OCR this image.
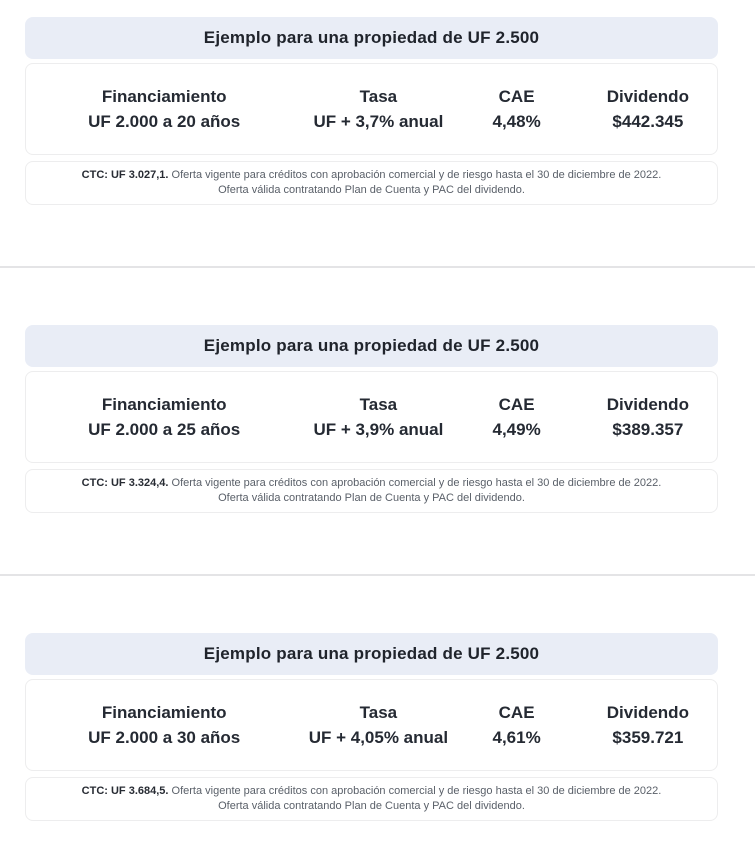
Ejemplo para una propiedad de UF 2.500
Financiamiento
UF 2.000 a 20 años
Tasa
UF + 3,7% anual
CAE
4,48%
Dividendo
$442.345

CTC: UF 3.027,1. Oferta vigente para créditos con aprobación comercial y de riesgo hasta el 30 de diciembre de 2022. Oferta válida contratando Plan de Cuenta y PAC del dividendo.

Ejemplo para una propiedad de UF 2.500
Financiamiento
UF 2.000 a 25 años
Tasa
UF + 3,9% anual
CAE
4,49%
Dividendo
$389.357

CTC: UF 3.324,4. Oferta vigente para créditos con aprobación comercial y de riesgo hasta el 30 de diciembre de 2022. Oferta válida contratando Plan de Cuenta y PAC del dividendo.

Ejemplo para una propiedad de UF 2.500
Financiamiento
UF 2.000 a 30 años
Tasa
UF + 4,05% anual
CAE
4,61%
Dividendo
$359.721

CTC: UF 3.684,5. Oferta vigente para créditos con aprobación comercial y de riesgo hasta el 30 de diciembre de 2022. Oferta válida contratando Plan de Cuenta y PAC del dividendo.
